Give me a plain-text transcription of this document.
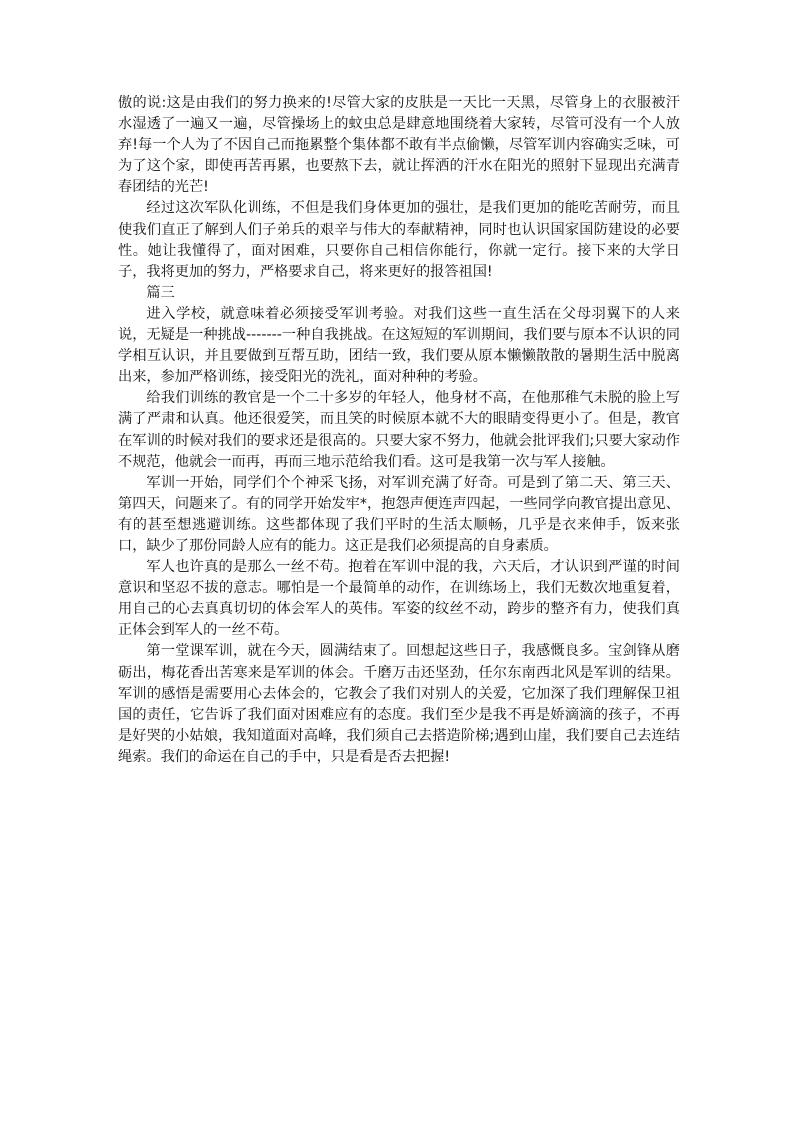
傲的说:这是由我们的努力换来的!尽管大家的皮肤是一天比一天黑，尽管身上的衣服被汗水湿透了一遍又一遍，尽管操场上的蚊虫总是肆意地围绕着大家转，尽管可没有一个人放弃!每一个人为了不因自己而拖累整个集体都不敢有半点偷懒，尽管军训内容确实乏味，可为了这个家，即使再苦再累，也要熬下去，就让挥洒的汗水在阳光的照射下显现出充满青春团结的光芒!

经过这次军队化训练，不但是我们身体更加的强壮，是我们更加的能吃苦耐劳，而且使我们直正了解到人们子弟兵的艰辛与伟大的奉献精神，同时也认识国家国防建设的必要性。她让我懂得了，面对困难，只要你自己相信你能行，你就一定行。接下来的大学日子，我将更加的努力，严格要求自己，将来更好的报答祖国!

篇三

进入学校，就意味着必须接受军训考验。对我们这些一直生活在父母羽翼下的人来说，无疑是一种挑战-------一种自我挑战。在这短短的军训期间，我们要与原本不认识的同学相互认识，并且要做到互帮互助，团结一致，我们要从原本懒懒散散的暑期生活中脱离出来，参加严格训练，接受阳光的洗礼，面对种种的考验。

给我们训练的教官是一个二十多岁的年轻人，他身材不高，在他那稚气未脱的脸上写满了严肃和认真。他还很爱笑，而且笑的时候原本就不大的眼睛变得更小了。但是，教官在军训的时候对我们的要求还是很高的。只要大家不努力，他就会批评我们;只要大家动作不规范，他就会一而再，再而三地示范给我们看。这可是我第一次与军人接触。

军训一开始，同学们个个神采飞扬，对军训充满了好奇。可是到了第二天、第三天、第四天，问题来了。有的同学开始发牢*，抱怨声便连声四起，一些同学向教官提出意见、有的甚至想逃避训练。这些都体现了我们平时的生活太顺畅，几乎是衣来伸手，饭来张口，缺少了那份同龄人应有的能力。这正是我们必须提高的自身素质。

军人也许真的是那么一丝不苟。抱着在军训中混的我，六天后，才认识到严谨的时间意识和坚忍不拔的意志。哪怕是一个最简单的动作，在训练场上，我们无数次地重复着，用自己的心去真真切切的体会军人的英伟。军姿的纹丝不动，跨步的整齐有力，使我们真正体会到军人的一丝不苟。

第一堂课军训，就在今天，圆满结束了。回想起这些日子，我感慨良多。宝剑锋从磨砺出，梅花香出苦寒来是军训的体会。千磨万击还坚劲，任尔东南西北风是军训的结果。军训的感悟是需要用心去体会的，它教会了我们对别人的关爱，它加深了我们理解保卫祖国的责任，它告诉了我们面对困难应有的态度。我们至少是我不再是娇滴滴的孩子，不再是好哭的小姑娘，我知道面对高峰，我们须自己去搭造阶梯;遇到山崖，我们要自己去连结绳索。我们的命运在自己的手中，只是看是否去把握!
